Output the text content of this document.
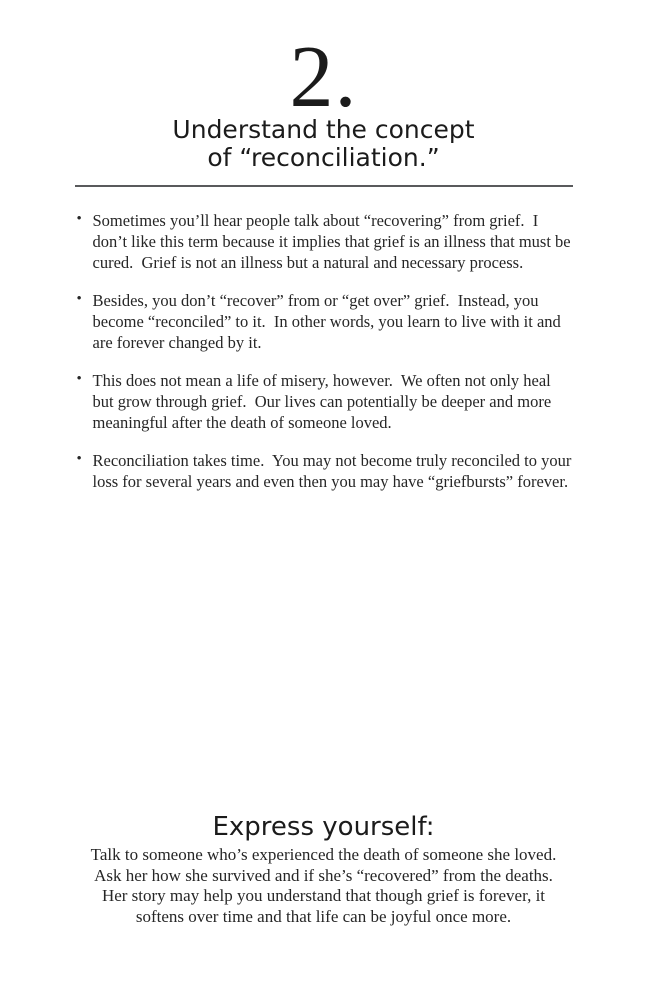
2.
Understand the concept
of “reconciliation.”
• Sometimes you’ll hear people talk about “recovering” from grief.  I don’t like this term because it implies that grief is an illness that must be cured.  Grief is not an illness but a natural and necessary process.
• Besides, you don’t “recover” from or “get over” grief.  Instead, you become “reconciled” to it.  In other words, you learn to live with it and are forever changed by it.
• This does not mean a life of misery, however.  We often not only heal but grow through grief.  Our lives can potentially be deeper and more meaningful after the death of someone loved.
• Reconciliation takes time.  You may not become truly reconciled to your loss for several years and even then you may have “griefbursts” forever.
Express yourself:
Talk to someone who’s experienced the death of someone she loved.
Ask her how she survived and if she’s “recovered” from the deaths.
Her story may help you understand that though grief is forever, it
softens over time and that life can be joyful once more.
